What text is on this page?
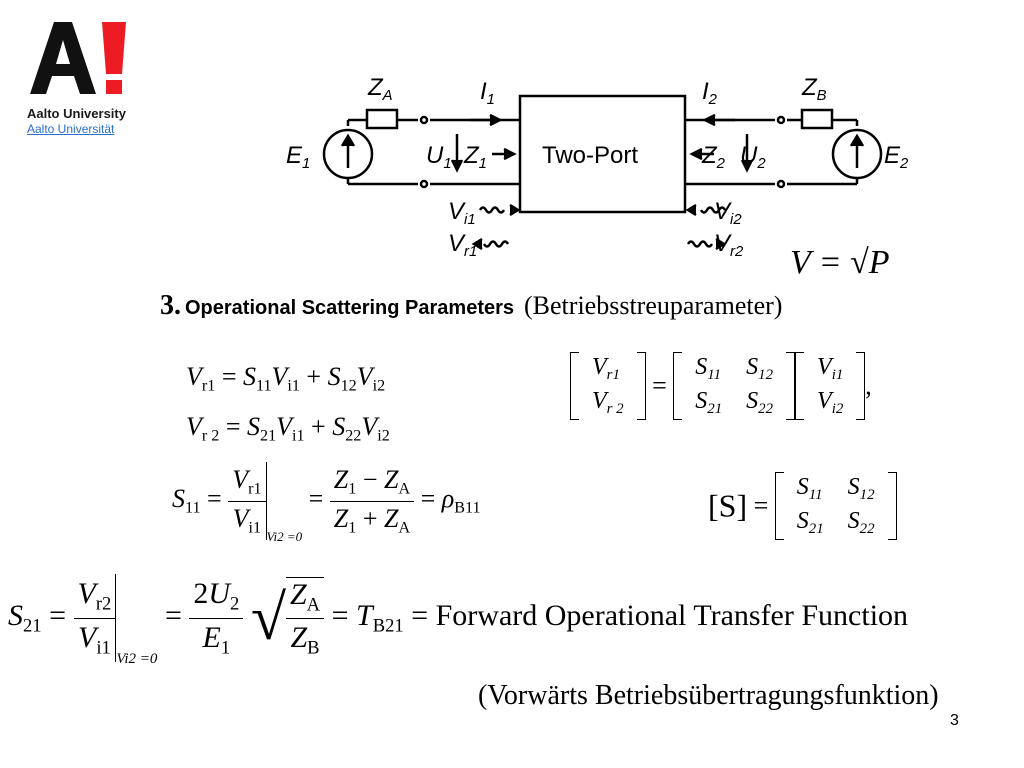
Aalto University
Aalto Universität
$Z_A$	$I_1$	$I_2$	$Z_B$
$E_1$	$U_1$ $Z_1$ Two-Port	$Z_2$ $U_2$	$E_2$
$V_{i1}$
$V_{r1}$
$V_{i2}$
$V_{r2}$ V = √P
3. Operational Scattering Parameters (Betriebsstreuparameter)
$V_{r1} = S_{11}V_{i1} + S_{12}V_{i2}$
$V_{r 2} = S_{21}V_{i1} + S_{22}V_{i2}$
$V_{r1}$
$V_{r 2}$
=
$S_{11}$	$S_{12}$
$S_{21}$	$S_{22}$
$V_{i1}$
$V_{i2}$
,
$S_{11} = \frac{V_{r1}}{V_{i1}} _{Vi2 =0} = \frac{Z_1 - Z_A}{Z_1 + Z_A} = \rho_{B11}$	[S] =
$S_{11}$	$S_{12}$
$S_{21}$	$S_{22}$
$S_{21} = \frac{V_{r2}}{V_{i1}} _{Vi2 =0} = \frac{2U_2}{E_1}$ √ $\frac{Z_A}{Z_B} = T_{B21}$ = Forward Operational Transfer Function
(Vorwärts Betriebsübertragungsfunktion)
3
